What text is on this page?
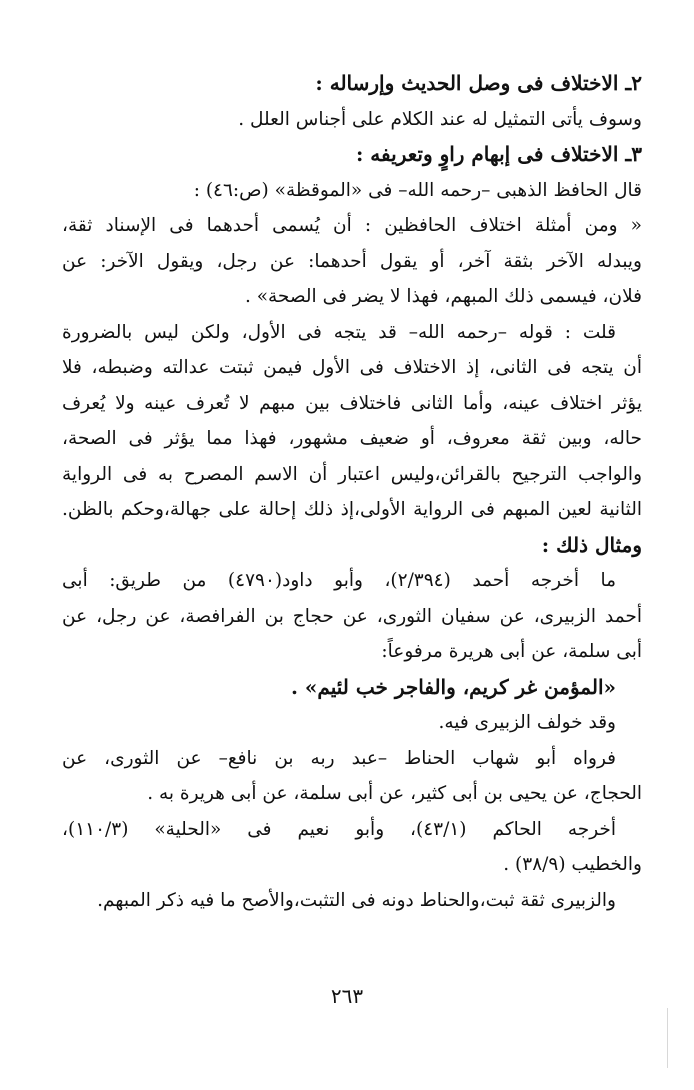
٢ـ الاختلاف فى وصل الحديث وإرساله :
وسوف يأتى التمثيل له عند الكلام على أجناس العلل .
٣ـ الاختلاف فى إبهام راوٍ وتعريفه :
قال الحافظ الذهبى –رحمه الله– فى «الموقظة» (ص:٤٦) :
« ومن أمثلة اختلاف الحافظين : أن يُسمى أحدهما فى الإسناد ثقة،
ويبدله الآخر بثقة آخر، أو يقول أحدهما: عن رجل، ويقول الآخر: عن
فلان، فيسمى ذلك المبهم، فهذا لا يضر فى الصحة» .
قلت : قوله –رحمه الله– قد يتجه فى الأول، ولكن ليس بالضرورة
أن يتجه فى الثانى، إذ الاختلاف فى الأول فيمن ثبتت عدالته وضبطه، فلا
يؤثر اختلاف عينه، وأما الثانى فاختلاف بين مبهم لا تُعرف عينه ولا يُعرف
حاله، وبين ثقة معروف، أو ضعيف مشهور، فهذا مما يؤثر فى الصحة،
والواجب الترجيح بالقرائن،وليس اعتبار أن الاسم المصرح به فى الرواية
الثانية لعين المبهم فى الرواية الأولى،إذ ذلك إحالة على جهالة،وحكم بالظن.
ومثال ذلك :
ما أخرجه أحمد (٢/٣٩٤)، وأبو داود(٤٧٩٠) من طريق: أبى
أحمد الزبيرى، عن سفيان الثورى، عن حجاج بن الفرافصة، عن رجل، عن
أبى سلمة، عن أبى هريرة مرفوعاً:
«المؤمن غر كريم، والفاجر خب لئيم» .
وقد خولف الزبيرى فيه.
فرواه أبو شهاب الحناط –عبد ربه بن نافع– عن الثورى، عن
الحجاج، عن يحيى بن أبى كثير، عن أبى سلمة، عن أبى هريرة به .
أخرجه الحاكم (٤٣/١)، وأبو نعيم فى «الحلية» (١١٠/٣)،
والخطيب (٣٨/٩) .
والزبيرى ثقة ثبت،والحناط دونه فى التثبت،والأصح ما فيه ذكر المبهم.
٢٦٣
